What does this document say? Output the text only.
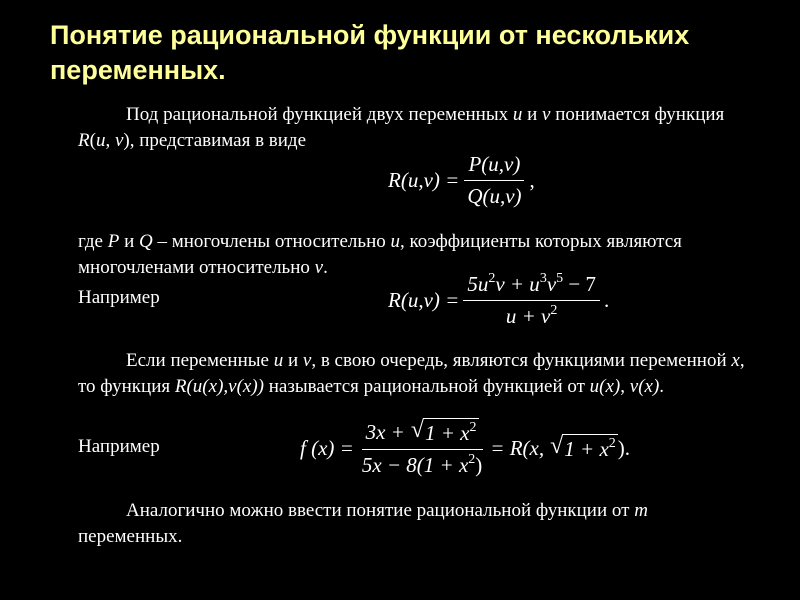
Понятие рациональной функции от нескольких переменных.

Под рациональной функцией двух переменных u и v понимается функция R(u, v), представимая в виде

$R(u,v) = \frac{P(u,v)}{Q(u,v)}$ ,

где P и Q – многочлены относительно u, коэффициенты которых являются многочленами относительно v.

Например	$R(u,v) = \frac{5u^2v + u^3v^5 - 7}{u + v^2}$ .

Если переменные u и v, в свою очередь, являются функциями переменной x, то функция R(u(x),v(x)) называется рациональной функцией от u(x), v(x).

Например	f $(x) = \frac{3x + √ 1 + x^2}{5x - 8(1 + x^2)} = R(x$, √ $1 + x^2$ ).

Аналогично можно ввести понятие рациональной функции от m переменных.
